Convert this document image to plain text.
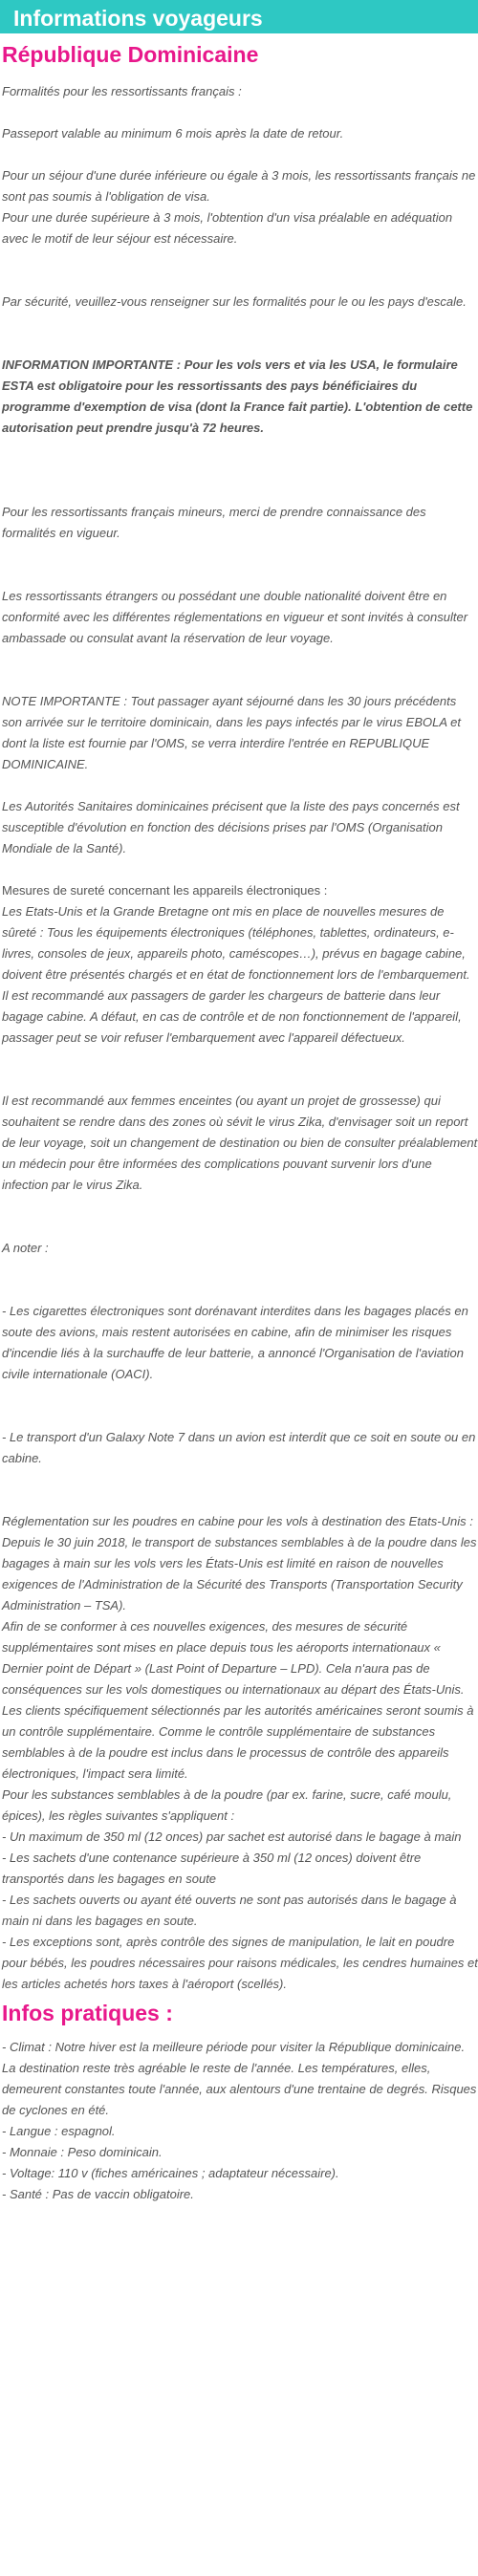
Informations voyageurs
République Dominicaine

Formalités pour les ressortissants français :

Passeport valable au minimum 6 mois après la date de retour.

Pour un séjour d'une durée inférieure ou égale à 3 mois, les ressortissants français ne sont pas soumis à l'obligation de visa.

Pour une durée supérieure à 3 mois, l'obtention d'un visa préalable en adéquation avec le motif de leur séjour est nécessaire.

Par sécurité, veuillez-vous renseigner sur les formalités pour le ou les pays d'escale.

INFORMATION IMPORTANTE : Pour les vols vers et via les USA, le formulaire ESTA est obligatoire pour les ressortissants des pays bénéficiaires du programme d'exemption de visa (dont la France fait partie). L'obtention de cette autorisation peut prendre jusqu'à 72 heures.

Pour les ressortissants français mineurs, merci de prendre connaissance des formalités en vigueur.

Les ressortissants étrangers ou possédant une double nationalité doivent être en conformité avec les différentes réglementations en vigueur et sont invités à consulter ambassade ou consulat avant la réservation de leur voyage.

NOTE IMPORTANTE : Tout passager ayant séjourné dans les 30 jours précédents son arrivée sur le territoire dominicain, dans les pays infectés par le virus EBOLA et dont la liste est fournie par l'OMS, se verra interdire l'entrée en REPUBLIQUE DOMINICAINE.

Les Autorités Sanitaires dominicaines précisent que la liste des pays concernés est susceptible d'évolution en fonction des décisions prises par l'OMS (Organisation Mondiale de la Santé).

Mesures de sureté concernant les appareils électroniques :

Les Etats-Unis et la Grande Bretagne ont mis en place de nouvelles mesures de sûreté : Tous les équipements électroniques (téléphones, tablettes, ordinateurs, e-livres, consoles de jeux, appareils photo, caméscopes…), prévus en bagage cabine, doivent être présentés chargés et en état de fonctionnement lors de l'embarquement.

Il est recommandé aux passagers de garder les chargeurs de batterie dans leur bagage cabine. A défaut, en cas de contrôle et de non fonctionnement de l'appareil, passager peut se voir refuser l'embarquement avec l'appareil défectueux.

Il est recommandé aux femmes enceintes (ou ayant un projet de grossesse) qui souhaitent se rendre dans des zones où sévit le virus Zika, d'envisager soit un report de leur voyage, soit un changement de destination ou bien de consulter préalablement un médecin pour être informées des complications pouvant survenir lors d'une infection par le virus Zika.

A noter :

- Les cigarettes électroniques sont dorénavant interdites dans les bagages placés en soute des avions, mais restent autorisées en cabine, afin de minimiser les risques d'incendie liés à la surchauffe de leur batterie, a annoncé l'Organisation de l'aviation civile internationale (OACI).

- Le transport d'un Galaxy Note 7 dans un avion est interdit que ce soit en soute ou en cabine.

Réglementation sur les poudres en cabine pour les vols à destination des Etats-Unis :

Depuis le 30 juin 2018, le transport de substances semblables à de la poudre dans les bagages à main sur les vols vers les États-Unis est limité en raison de nouvelles exigences de l'Administration de la Sécurité des Transports (Transportation Security Administration – TSA).

Afin de se conformer à ces nouvelles exigences, des mesures de sécurité supplémentaires sont mises en place depuis tous les aéroports internationaux « Dernier point de Départ » (Last Point of Departure – LPD). Cela n'aura pas de conséquences sur les vols domestiques ou internationaux au départ des États-Unis.

Les clients spécifiquement sélectionnés par les autorités américaines seront soumis à un contrôle supplémentaire. Comme le contrôle supplémentaire de substances semblables à de la poudre est inclus dans le processus de contrôle des appareils électroniques, l'impact sera limité.

Pour les substances semblables à de la poudre (par ex. farine, sucre, café moulu, épices), les règles suivantes s'appliquent :

- Un maximum de 350 ml (12 onces) par sachet est autorisé dans le bagage à main

- Les sachets d'une contenance supérieure à 350 ml (12 onces) doivent être transportés dans les bagages en soute

- Les sachets ouverts ou ayant été ouverts ne sont pas autorisés dans le bagage à main ni dans les bagages en soute.

- Les exceptions sont, après contrôle des signes de manipulation, le lait en poudre pour bébés, les poudres nécessaires pour raisons médicales, les cendres humaines et les articles achetés hors taxes à l'aéroport (scellés).

Infos pratiques :

- Climat : Notre hiver est la meilleure période pour visiter la République dominicaine. La destination reste très agréable le reste de l'année. Les températures, elles, demeurent constantes toute l'année, aux alentours d'une trentaine de degrés. Risques de cyclones en été.

- Langue : espagnol.

- Monnaie : Peso dominicain.

- Voltage: 110 v (fiches américaines ; adaptateur nécessaire).

- Santé : Pas de vaccin obligatoire.
